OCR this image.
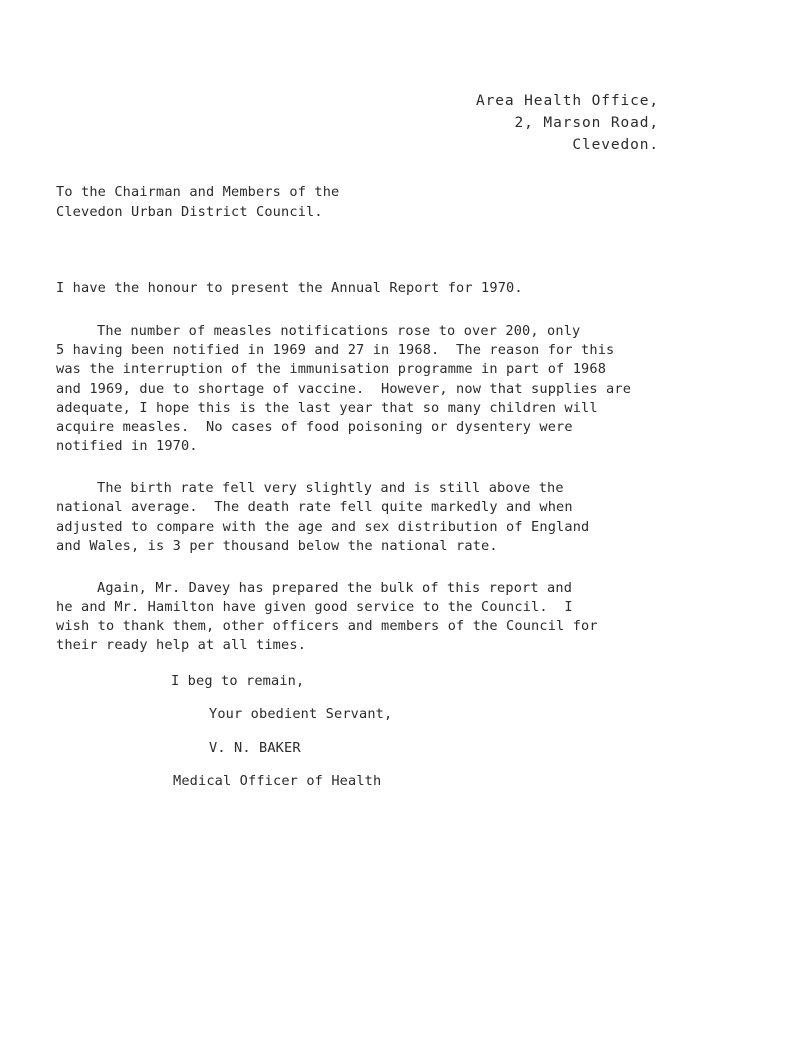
Area Health Office,
2, Marson Road,
Clevedon.
To the Chairman and Members of the
Clevedon Urban District Council.
I have the honour to present the Annual Report for 1970.
The number of measles notifications rose to over 200, only
5 having been notified in 1969 and 27 in 1968.  The reason for this
was the interruption of the immunisation programme in part of 1968
and 1969, due to shortage of vaccine.  However, now that supplies are
adequate, I hope this is the last year that so many children will
acquire measles.  No cases of food poisoning or dysentery were
notified in 1970.
The birth rate fell very slightly and is still above the
national average.  The death rate fell quite markedly and when
adjusted to compare with the age and sex distribution of England
and Wales, is 3 per thousand below the national rate.
Again, Mr. Davey has prepared the bulk of this report and
he and Mr. Hamilton have given good service to the Council.  I
wish to thank them, other officers and members of the Council for
their ready help at all times.
I beg to remain,
Your obedient Servant,
V. N. BAKER
Medical Officer of Health
